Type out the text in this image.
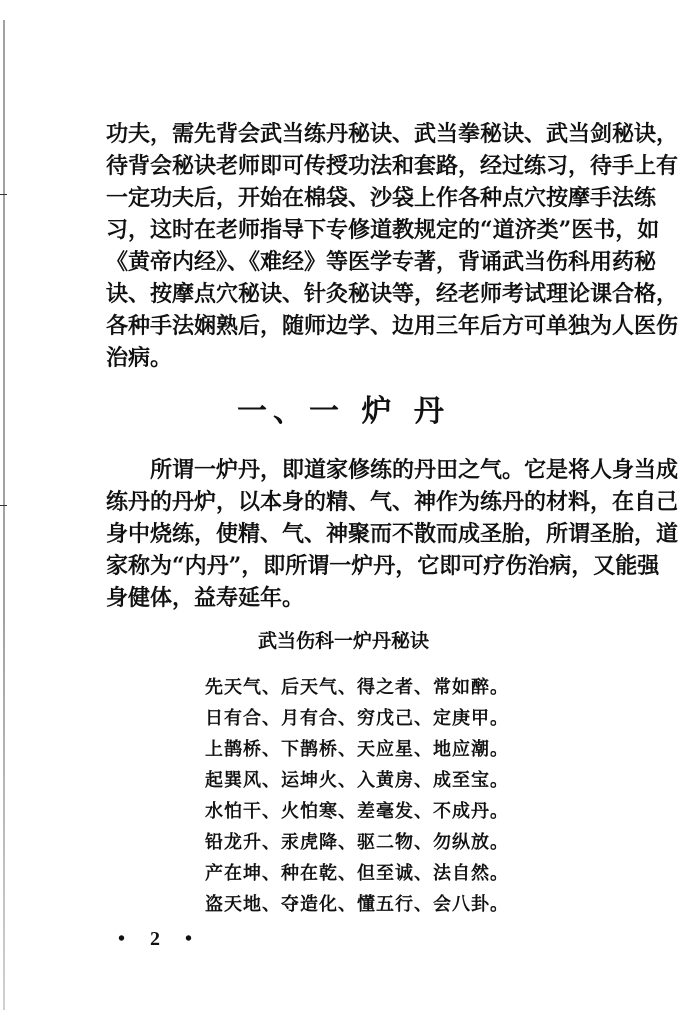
功夫，需先背会武当练丹秘诀、武当拳秘诀、武当剑秘诀，
待背会秘诀老师即可传授功法和套路，经过练习，待手上有
一定功夫后，开始在棉袋、沙袋上作各种点穴按摩手法练
习，这时在老师指导下专修道教规定的“道济类”医书，如
《黄帝内经》、《难经》等医学专著，背诵武当伤科用药秘
诀、按摩点穴秘诀、针灸秘诀等，经老师考试理论课合格，
各种手法娴熟后，随师边学、边用三年后方可单独为人医伤
治病。
一、一 炉 丹
所谓一炉丹，即道家修练的丹田之气。它是将人身当成
练丹的丹炉，以本身的精、气、神作为练丹的材料，在自己
身中烧练，使精、气、神聚而不散而成圣胎，所谓圣胎，道
家称为“内丹”，即所谓一炉丹，它即可疗伤治病，又能强
身健体，益寿延年。
武当伤科一炉丹秘诀
先天气、后天气、得之者、常如醉。
日有合、月有合、穷戊己、定庚甲。
上鹊桥、下鹊桥、天应星、地应潮。
起巽风、运坤火、入黄房、成至宝。
水怕干、火怕寒、差毫发、不成丹。
铅龙升、汞虎降、驱二物、勿纵放。
产在坤、种在乾、但至诚、法自然。
盗天地、夺造化、懂五行、会八卦。
• 2 •
